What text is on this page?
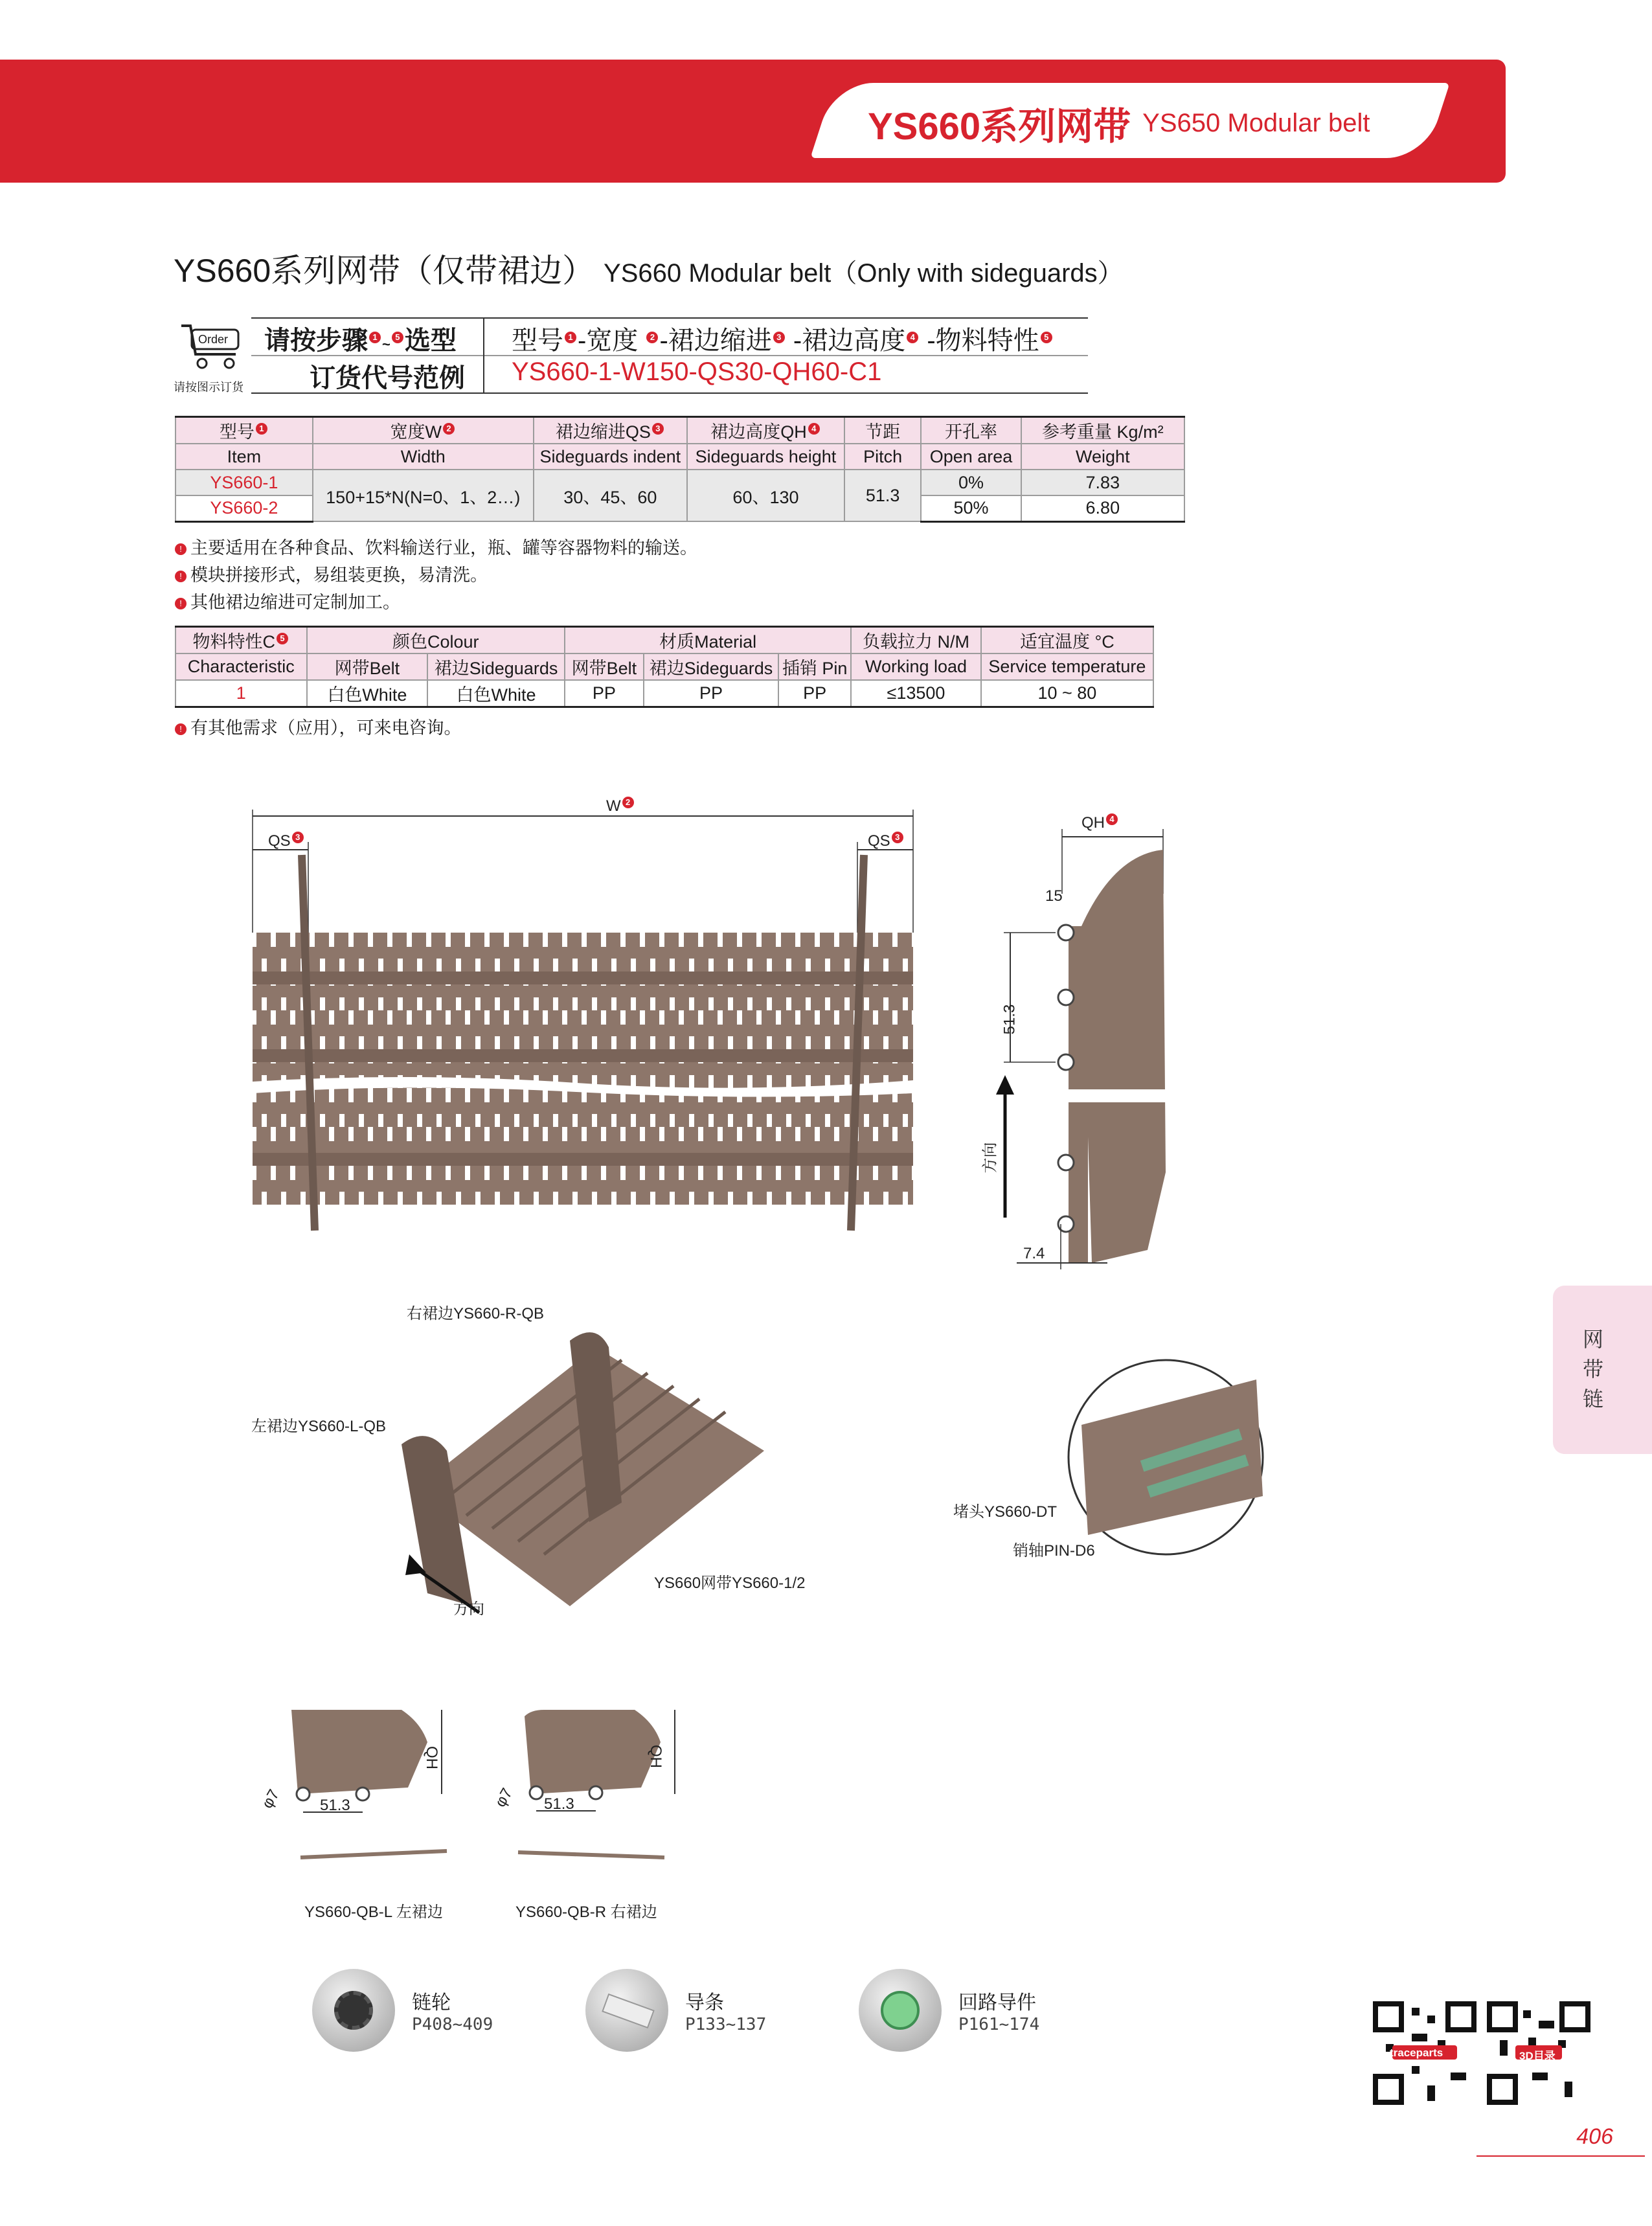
YS660系列网带 YS650 Modular belt
YS660系列网带（仅带裙边） YS660 Modular belt（Only with sideguards）
Order
请按图示订货
请按步骤 1 ~ 5 选型 型号 1 -宽度 2 -裙边缩进 3 -裙边高度 4 -物料特性 5
订货代号范例 YS660-1-W150-QS30-QH60-C1
型号 1	宽度W 2	裙边缩进QS 3	裙边高度QH 4	节距	开孔率	参考重量 Kg/m²
Item	Width	Sideguards indent	Sideguards height	Pitch	Open area	Weight
YS660-1	150+15*N(N=0、1、2…)	30、45、60	60、130	51.3	0%	7.83
YS660-2					50%	6.80
! 主要适用在各种食品、饮料输送行业，瓶、罐等容器物料的输送。
! 模块拼接形式，易组装更换，易清洗。
! 其他裙边缩进可定制加工。
物料特性C 5	颜色Colour		材质Material			负载拉力 N/M	适宜温度 °C
Characteristic	网带Belt	裙边Sideguards	网带Belt	裙边Sideguards	插销 Pin	Working load	Service temperature
1	白色White	白色White	PP	PP	PP	≤13500	10 ~ 80
! 有其他需求（应用），可来电咨询。
W 2
QS 3	QS 3
QH 4
15
51.3
方向
7.4
右裙边YS660-R-QB
左裙边YS660-L-QB
YS660网带YS660-1/2
方向
堵头YS660-DT
销轴PIN-D6
φ7 51.3
QH
YS660-QB-L 左裙边
φ7 51.3
QH
YS660-QB-R 右裙边
链轮
P408~409
导条
P133~137
回路导件
P161~174
网带链
traceparts	3D目录
406
